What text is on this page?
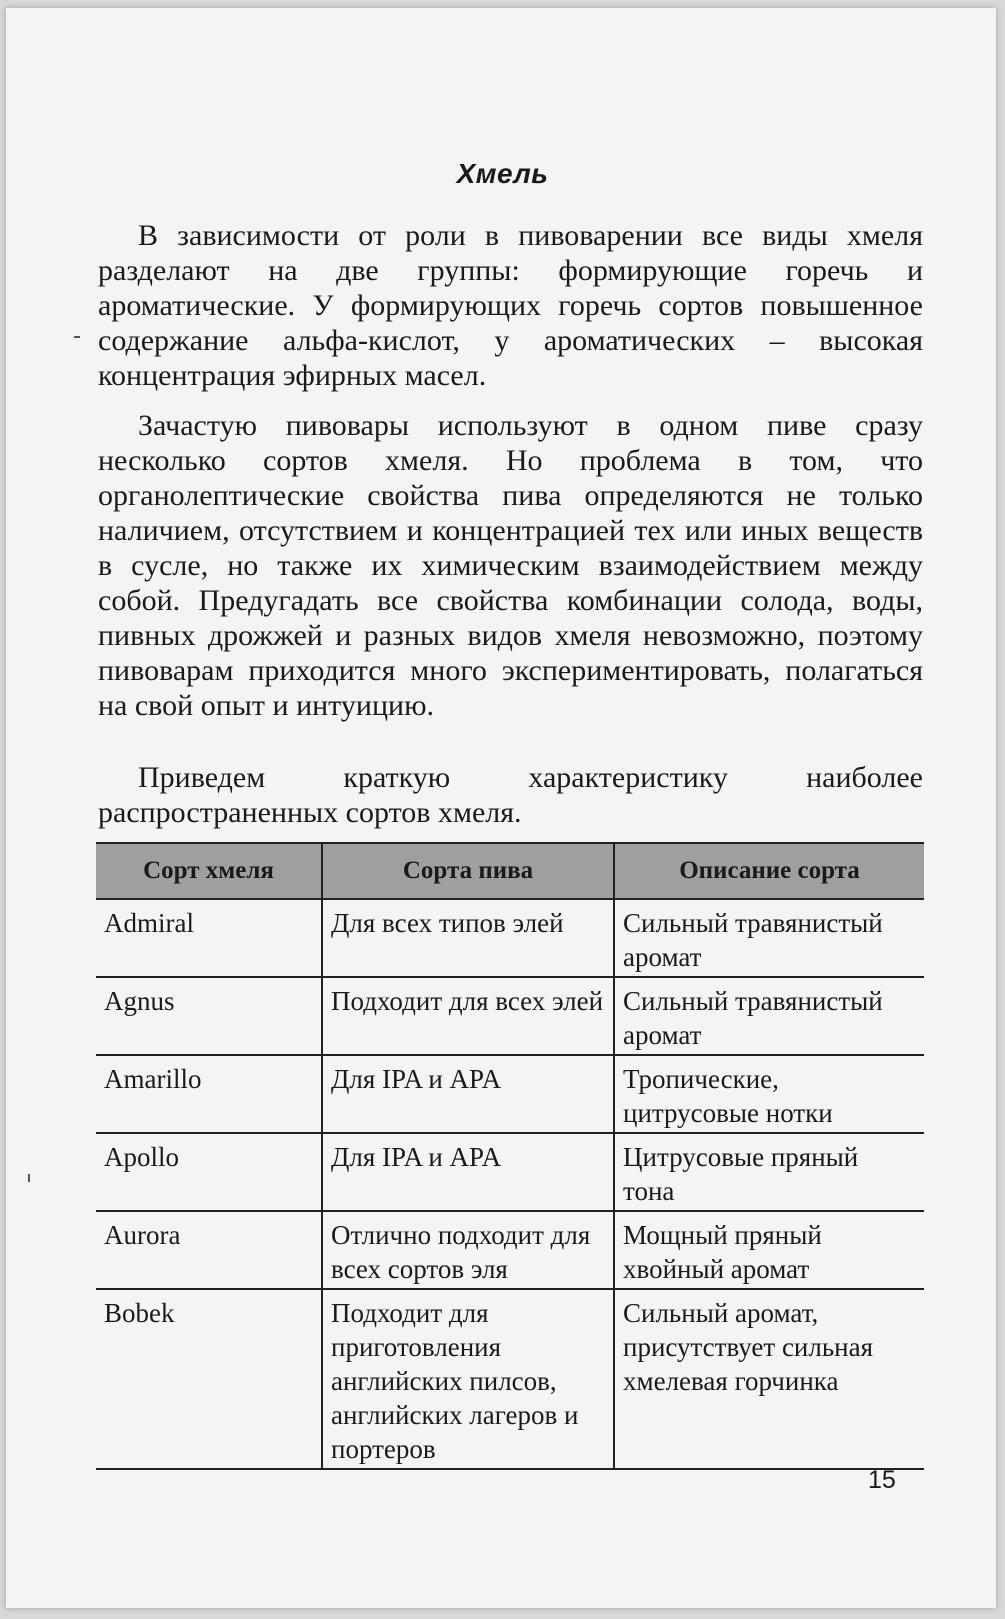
Хмель

В зависимости от роли в пивоварении все виды хмеля разделают на две группы: формирующие горечь и ароматические. У формирующих горечь сортов повышенное содержание альфа-кислот, у ароматических – высокая концентрация эфирных масел.

Зачастую пивовары используют в одном пиве сразу несколько сортов хмеля. Но проблема в том, что органолептические свойства пива определяются не только наличием, отсутствием и концентрацией тех или иных веществ в сусле, но также их химическим взаимодействием между собой. Предугадать все свойства комбинации солода, воды, пивных дрожжей и разных видов хмеля невозможно, поэтому пивоварам приходится много экспериментировать, полагаться на свой опыт и интуицию.

Приведем краткую характеристику наиболее распространенных сортов хмеля.

Сорт хмеля	Сорта пива	Описание сорта
Admiral	Для всех типов элей	Сильный травянистый аромат
Agnus	Подходит для всех элей	Сильный травянистый аромат
Amarillo	Для IPA и APA	Тропические, цитрусовые нотки
Apollo	Для IPA и APA	Цитрусовые пряный тона
Aurora	Отлично подходит для всех сортов эля	Мощный пряный хвойный аромат
Bobek	Подходит для приготовления английских пилсов, английских лагеров и портеров	Сильный аромат, присутствует сильная хмелевая горчинка
15
